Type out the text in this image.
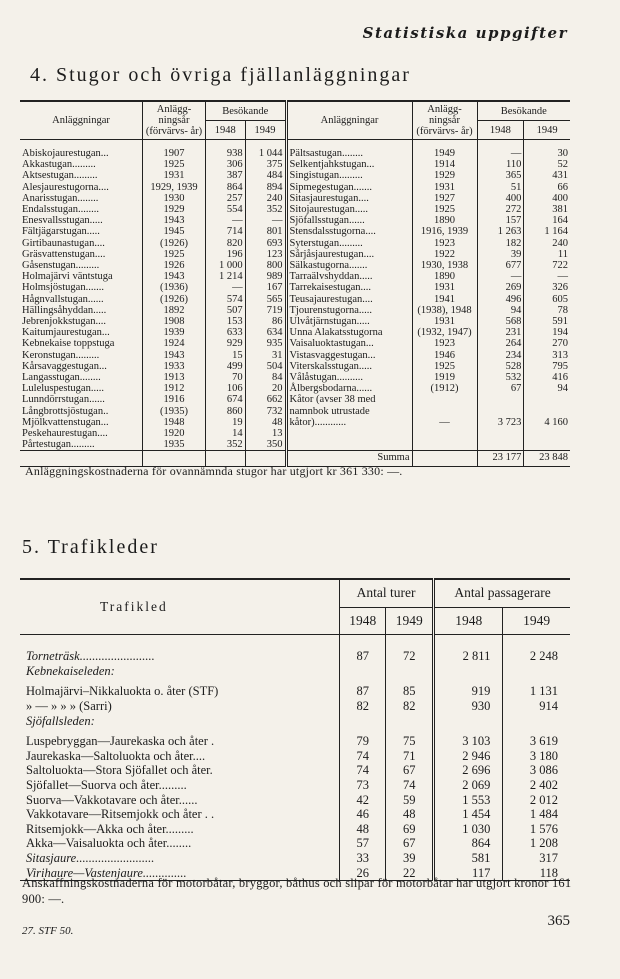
Statistiska uppgifter
4. Stugor och övriga fjällanläggningar
Anläggningar	Anlägg- ningsår (förvärvs- år)	Besökande		Anläggningar	Anlägg- ningsår (förvärvs- år)	Besökande	
		1948	1949			1948	1949
Abiskojaurestugan...	1907	938	1 044	Pältsastugan........	1949	—	30
Akkastugan.........	1925	306	375	Selkentjahkstugan...	1914	110	52
Aktsestugan.........	1931	387	484	Singistugan.........	1929	365	431
Alesjaurestugorna....	1929, 1939	864	894	Sipmegestugan.......	1931	51	66
Anarisstugan........	1930	257	240	Sitasjaurestugan....	1927	400	400
Endalsstugan........	1929	554	352	Sitojaurestugan.....	1925	272	381
Enesvallsstugan.....	1943	—	—	Sjöfallsstugan......	1890	157	164
Fältjägarstugan.....	1945	714	801	Stensdalsstugorna....	1916, 1939	1 263	1 164
Girtibaunastugan....	(1926)	820	693	Syterstugan.........	1923	182	240
Gräsvattenstugan....	1925	196	123	Sårjåsjaurestugan....	1922	39	11
Gåsenstugan.........	1926	1 000	800	Sälkastugorna.......	1930, 1938	677	722
Holmajärvi väntstuga	1943	1 214	989	Tarraälvshyddan.....	1890	—	—
Holmsjöstugan.......	(1936)	—	167	Tarrekaisestugan....	1931	269	326
Hågnvallstugan......	(1926)	574	565	Teusajaurestugan....	1941	496	605
Hällingsåhyddan.....	1892	507	719	Tjourenstugorna.....	(1938), 1948	94	78
Jebrenjokkstugan....	1908	153	86	Ulvåtjärnstugan.....	1931	568	591
Kaitumjaurestugan...	1939	633	634	Unna Alakatsstugorna	(1932, 1947)	231	194
Kebnekaise toppstuga	1924	929	935	Vaisaluoktastugan...	1923	264	270
Keronstugan.........	1943	15	31	Vistasvaggestugan...	1946	234	313
Kårsavaggestugan...	1933	499	504	Viterskalsstugan.....	1925	528	795
Langasstugan........	1913	70	84	Vålåstugan..........	1919	532	416
Luleluspestugan.....	1912	106	20	Ålbergsbodarna......	(1912)	67	94
Lunndörrstugan......	1916	674	662	Kåtor (avser 38 med			
Långbrottsjöstugan..	(1935)	860	732	namnbok utrustade			
Mjölkvattenstugan...	1948	19	48	kåtor)............	—	3 723	4 160
Peskehaurestugan....	1920	14	13				
Pårtestugan.........	1935	352	350				
				Summa		23 177	23 848
Anläggningskostnaderna för ovannämnda stugor har utgjort kr 361 330: —.
5. Trafikleder
Trafikled	Antal turer		Antal passagerare	
	1948	1949	1948	1949
Torneträsk........................	87	72	2 811	2 248
Kebnekaiseleden:				
Holmajärvi–Nikkaluokta o. åter (STF)	87	85	919	1 131
» — » » » (Sarri)	82	82	930	914
Sjöfallsleden:				
Luspebryggan—Jaurekaska och åter .	79	75	3 103	3 619
Jaurekaska—Saltoluokta och åter....	74	71	2 946	3 180
Saltoluokta—Stora Sjöfallet och åter.	74	67	2 696	3 086
Sjöfallet—Suorva och åter.........	73	74	2 069	2 402
Suorva—Vakkotavare och åter......	42	59	1 553	2 012
Vakkotavare—Ritsemjokk och åter . .	46	48	1 454	1 484
Ritsemjokk—Akka och åter.........	48	69	1 030	1 576
Akka—Vaisaluokta och åter........	57	67	864	1 208
Sitasjaure.........................	33	39	581	317
Virihaure—Vastenjaure..............	26	22	117	118
Anskaffningskostnaderna för motorbåtar, bryggor, båthus och slipar för motorbåtar har utgjort kronor 161 900: —.
27. STF 50.
365
